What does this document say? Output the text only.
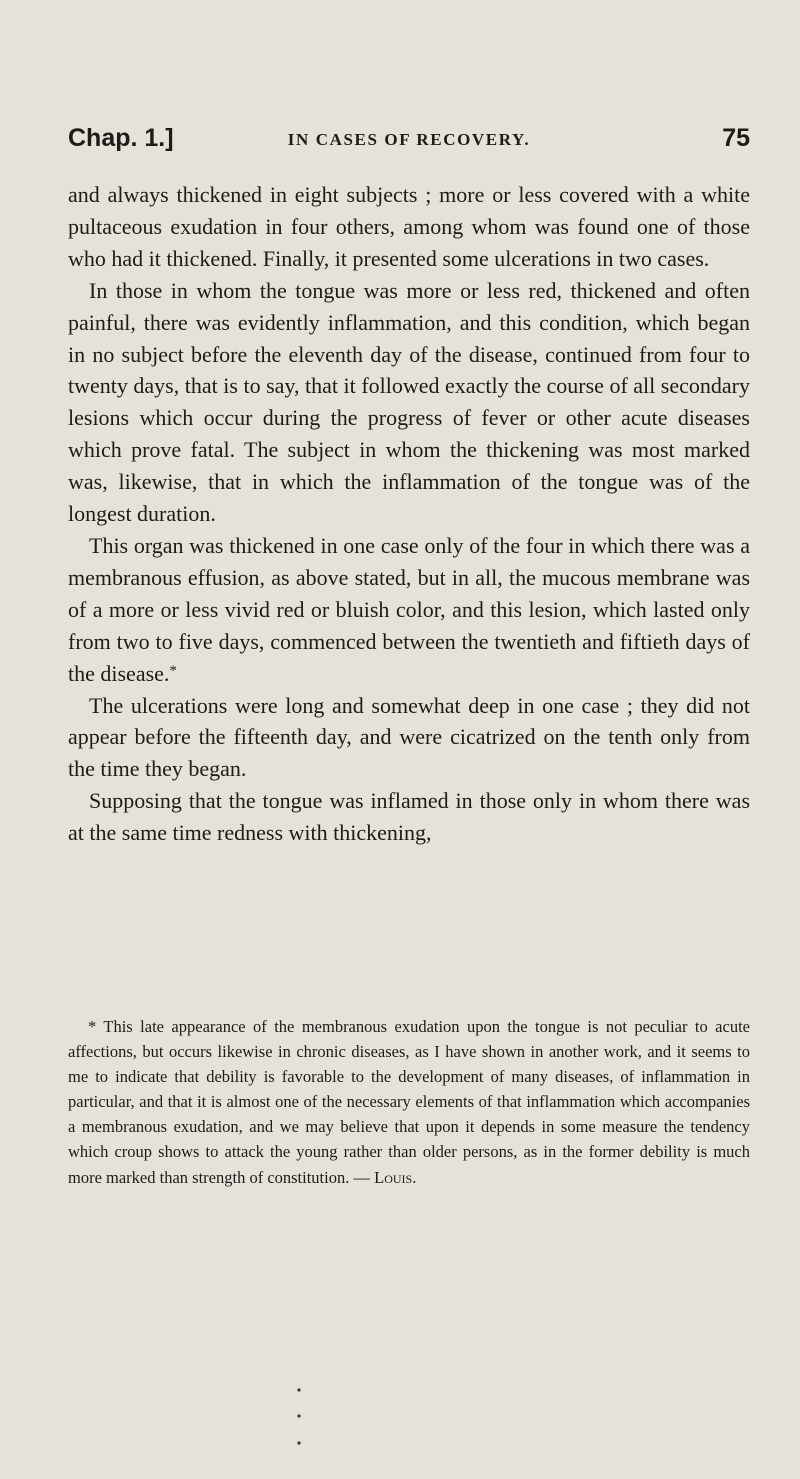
Chap. 1.]	IN CASES OF RECOVERY.	75

and always thickened in eight subjects ; more or less covered with a white pultaceous exudation in four others, among whom was found one of those who had it thickened. Finally, it presented some ulcerations in two cases.

In those in whom the tongue was more or less red, thickened and often painful, there was evidently inflammation, and this condition, which began in no subject before the eleventh day of the disease, continued from four to twenty days, that is to say, that it followed exactly the course of all secondary lesions which occur during the progress of fever or other acute diseases which prove fatal. The subject in whom the thickening was most marked was, likewise, that in which the inflammation of the tongue was of the longest duration.

This organ was thickened in one case only of the four in which there was a membranous effusion, as above stated, but in all, the mucous membrane was of a more or less vivid red or bluish color, and this lesion, which lasted only from two to five days, commenced between the twentieth and fiftieth days of the disease.*

The ulcerations were long and somewhat deep in one case ; they did not appear before the fifteenth day, and were cicatrized on the tenth only from the time they began.

Supposing that the tongue was inflamed in those only in whom there was at the same time redness with thickening,

* This late appearance of the membranous exudation upon the tongue is not peculiar to acute affections, but occurs likewise in chronic diseases, as I have shown in another work, and it seems to me to indicate that debility is favorable to the development of many diseases, of inflammation in particular, and that it is almost one of the necessary elements of that inflammation which accompanies a membranous exudation, and we may believe that upon it depends in some measure the tendency which croup shows to attack the young rather than older persons, as in the former debility is much more marked than strength of constitution. — Louis.
